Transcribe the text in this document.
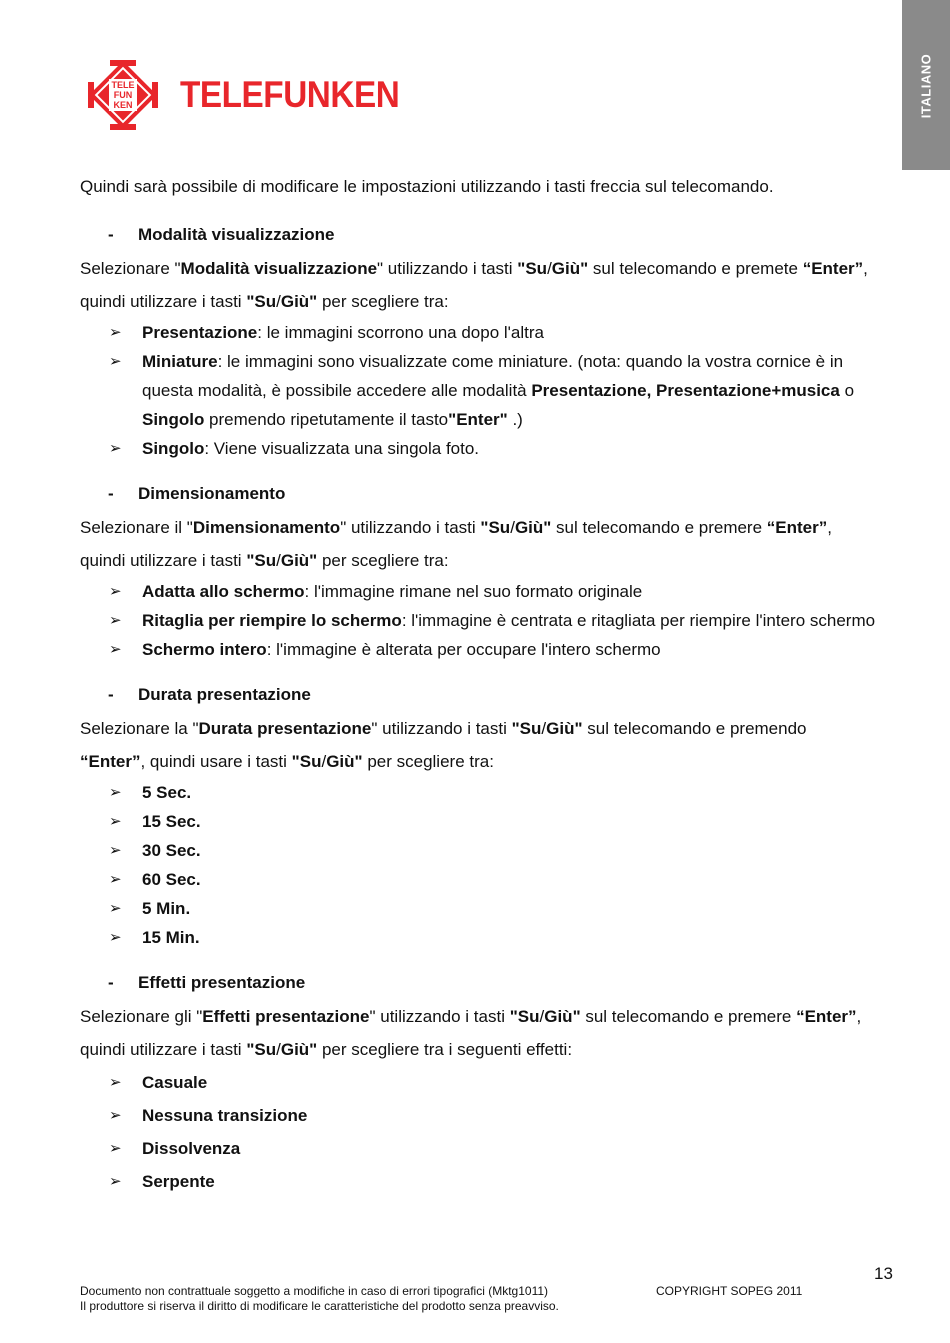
ITALIANO
TELE
FUN
KEN TELEFUNKEN

Quindi sarà possibile di modificare le impostazioni utilizzando i tasti freccia sul telecomando.

- Modalità visualizzazione

Selezionare "Modalità visualizzazione" utilizzando i tasti "Su/Giù" sul telecomando e premete “Enter”,
quindi utilizzare i tasti "Su/Giù" per scegliere tra:

➢ Presentazione: le immagini scorrono una dopo l'altra
➢ Miniature: le immagini sono visualizzate come miniature. (nota: quando la vostra cornice è in questa modalità, è possibile accedere alle modalità Presentazione, Presentazione+musica o Singolo premendo ripetutamente il tasto"Enter" .)
➢ Singolo: Viene visualizzata una singola foto.

- Dimensionamento

Selezionare il "Dimensionamento" utilizzando i tasti "Su/Giù" sul telecomando e premere “Enter”,
quindi utilizzare i tasti "Su/Giù" per scegliere tra:

➢ Adatta allo schermo: l'immagine rimane nel suo formato originale
➢ Ritaglia per riempire lo schermo: l'immagine è centrata e ritagliata per riempire l'intero schermo
➢ Schermo intero: l'immagine è alterata per occupare l'intero schermo

- Durata presentazione

Selezionare la "Durata presentazione" utilizzando i tasti "Su/Giù" sul telecomando e premendo
“Enter”, quindi usare i tasti "Su/Giù" per scegliere tra:

➢ 5 Sec.
➢ 15 Sec.
➢ 30 Sec.
➢ 60 Sec.
➢ 5 Min.
➢ 15 Min.

- Effetti presentazione

Selezionare gli "Effetti presentazione" utilizzando i tasti "Su/Giù" sul telecomando e premere “Enter”,
quindi utilizzare i tasti "Su/Giù" per scegliere tra i seguenti effetti:

➢ Casuale
➢ Nessuna transizione
➢ Dissolvenza
➢ Serpente
13
Documento non contrattuale soggetto a modifiche in caso di errori tipografici (Mktg1011)	COPYRIGHT SOPEG 2011
Il produttore si riserva il diritto di modificare le caratteristiche del prodotto senza preavviso.
